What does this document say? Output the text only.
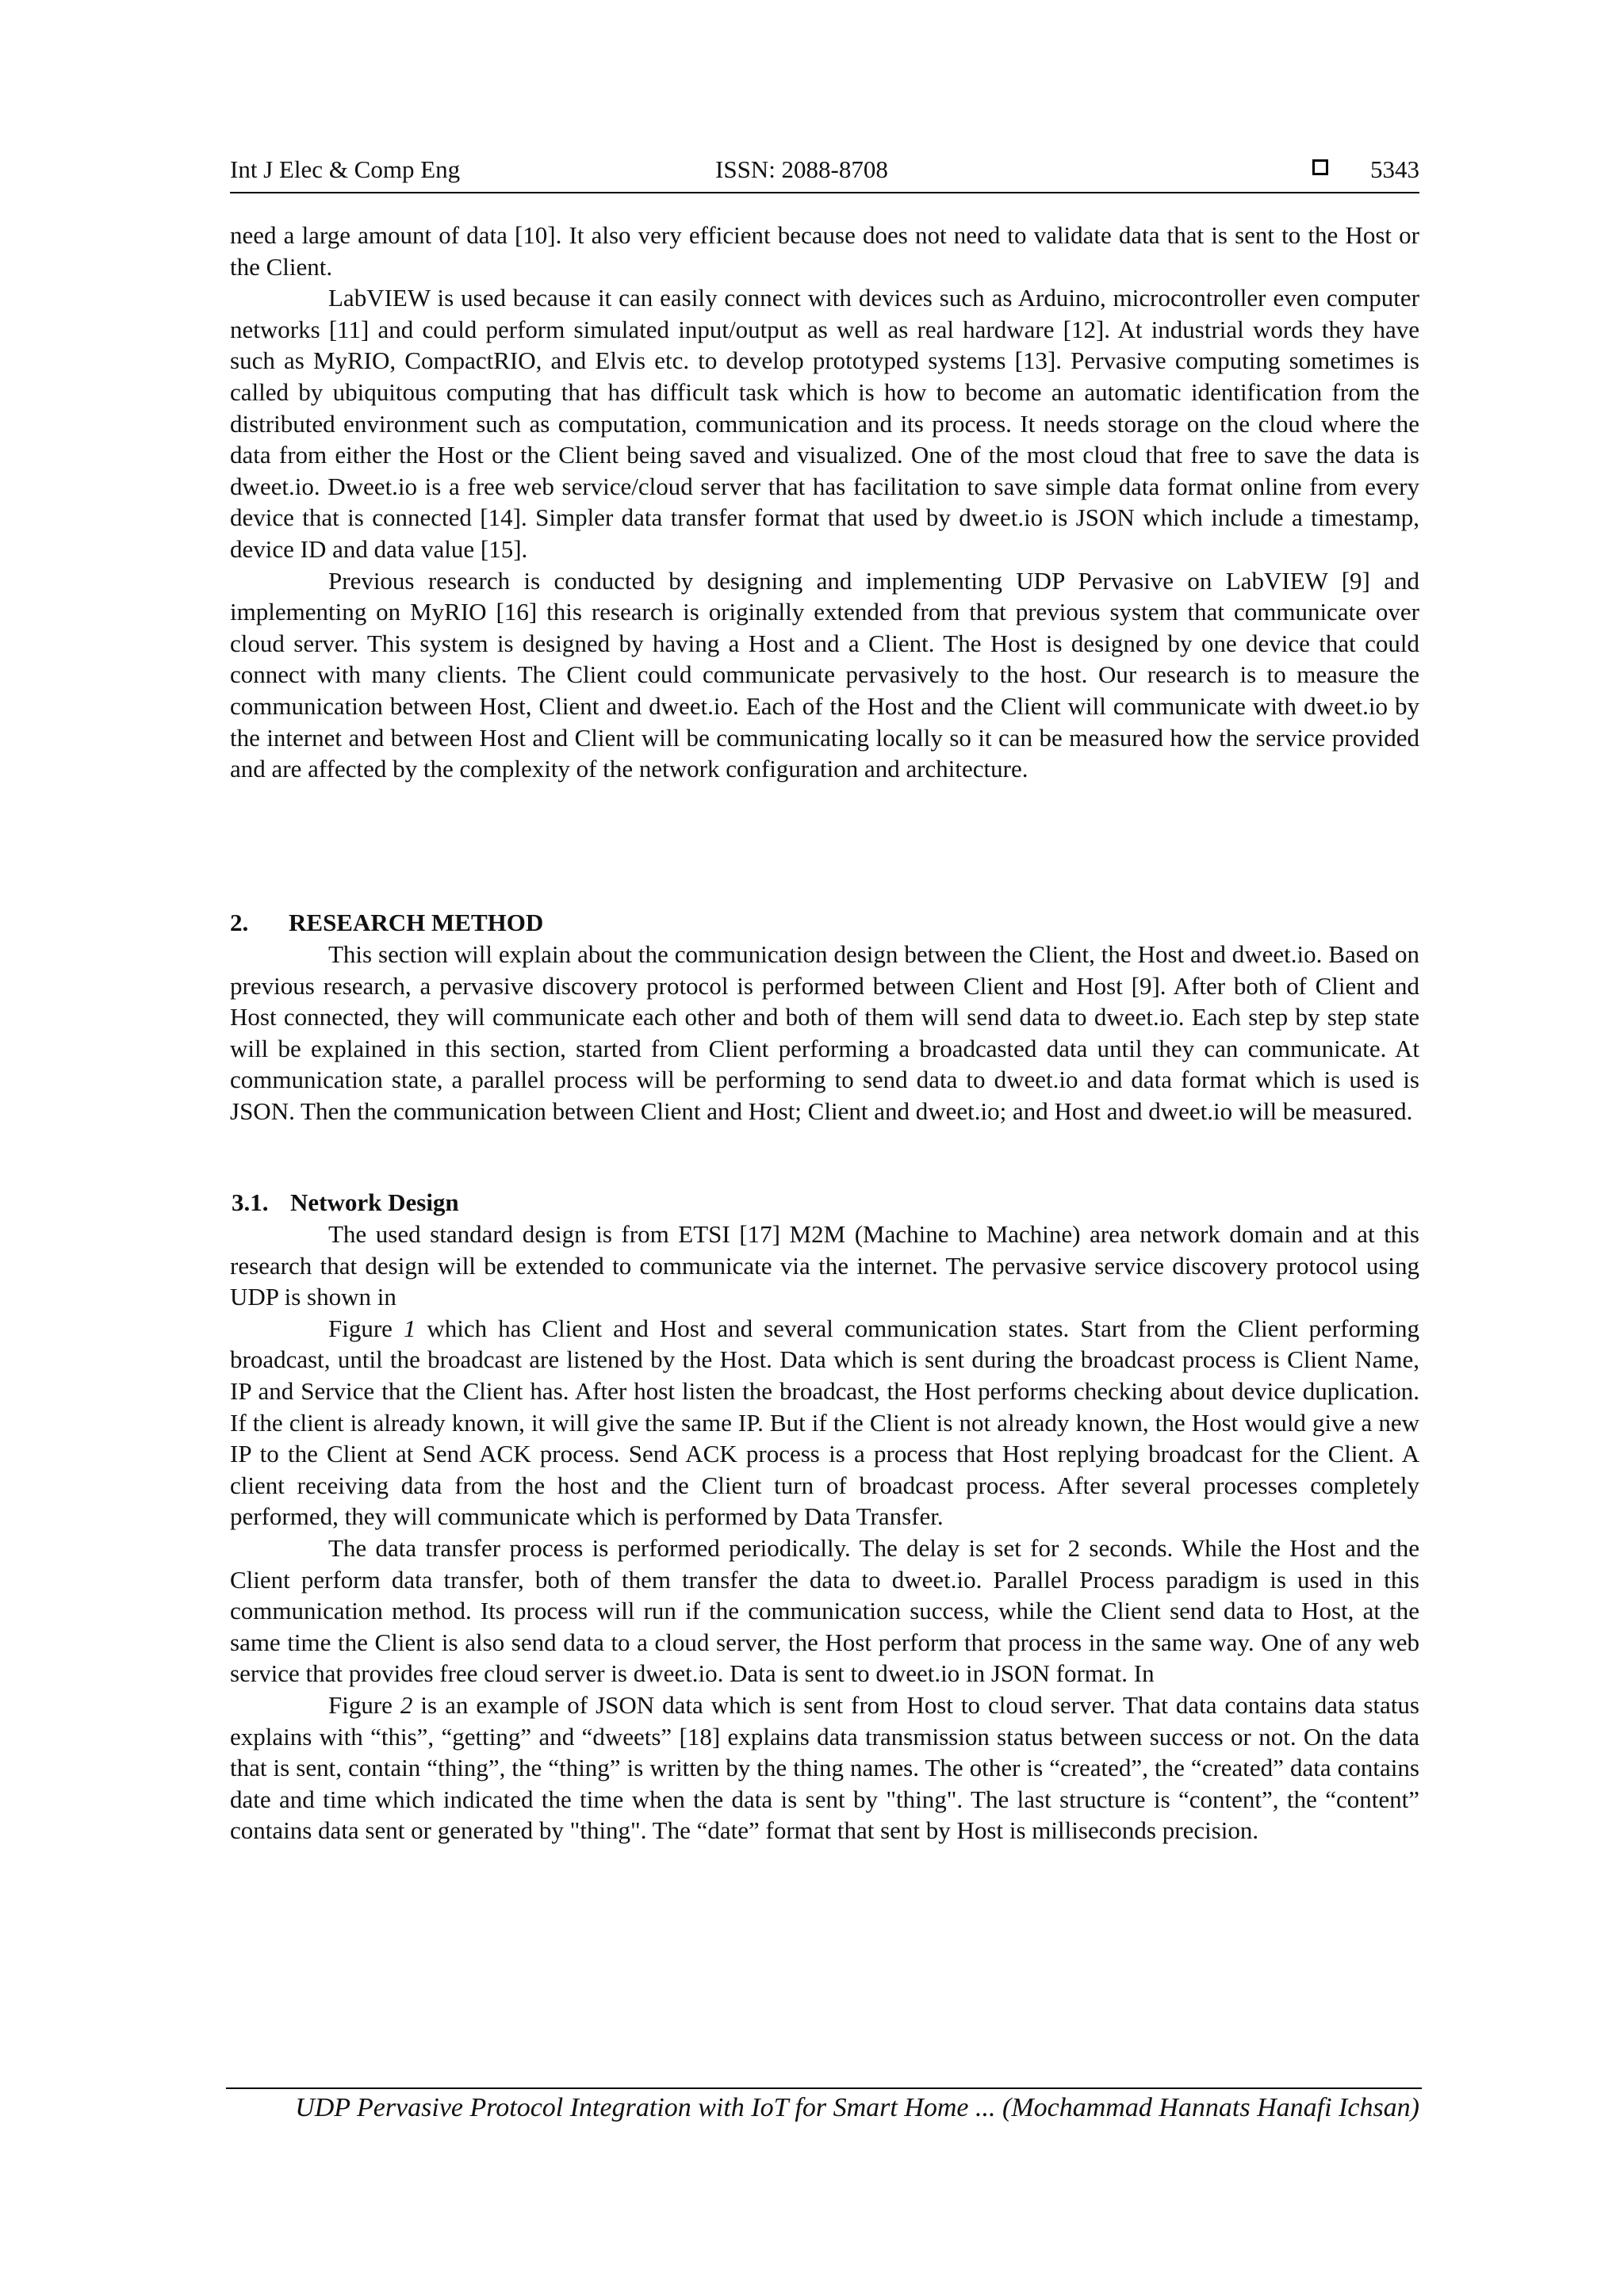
Int J Elec & Comp Eng	ISSN: 2088-8708	5343

need a large amount of data [10]. It also very efficient because does not need to validate data that is sent to the Host or the Client.

LabVIEW is used because it can easily connect with devices such as Arduino, microcontroller even computer networks [11] and could perform simulated input/output as well as real hardware [12]. At industrial words they have such as MyRIO, CompactRIO, and Elvis etc. to develop prototyped systems [13]. Pervasive computing sometimes is called by ubiquitous computing that has difficult task which is how to become an automatic identification from the distributed environment such as computation, communication and its process. It needs storage on the cloud where the data from either the Host or the Client being saved and visualized. One of the most cloud that free to save the data is dweet.io. Dweet.io is a free web service/cloud server that has facilitation to save simple data format online from every device that is connected [14]. Simpler data transfer format that used by dweet.io is JSON which include a timestamp, device ID and data value [15].

Previous research is conducted by designing and implementing UDP Pervasive on LabVIEW [9] and implementing on MyRIO [16] this research is originally extended from that previous system that communicate over cloud server. This system is designed by having a Host and a Client. The Host is designed by one device that could connect with many clients. The Client could communicate pervasively to the host. Our research is to measure the communication between Host, Client and dweet.io. Each of the Host and the Client will communicate with dweet.io by the internet and between Host and Client will be communicating locally so it can be measured how the service provided and are affected by the complexity of the network configuration and architecture.

2. RESEARCH METHOD

This section will explain about the communication design between the Client, the Host and dweet.io. Based on previous research, a pervasive discovery protocol is performed between Client and Host [9]. After both of Client and Host connected, they will communicate each other and both of them will send data to dweet.io. Each step by step state will be explained in this section, started from Client performing a broadcasted data until they can communicate. At communication state, a parallel process will be performing to send data to dweet.io and data format which is used is JSON. Then the communication between Client and Host; Client and dweet.io; and Host and dweet.io will be measured.

3.1. Network Design

The used standard design is from ETSI [17] M2M (Machine to Machine) area network domain and at this research that design will be extended to communicate via the internet. The pervasive service discovery protocol using UDP is shown in

Figure 1 which has Client and Host and several communication states. Start from the Client performing broadcast, until the broadcast are listened by the Host. Data which is sent during the broadcast process is Client Name, IP and Service that the Client has. After host listen the broadcast, the Host performs checking about device duplication. If the client is already known, it will give the same IP. But if the Client is not already known, the Host would give a new IP to the Client at Send ACK process. Send ACK process is a process that Host replying broadcast for the Client. A client receiving data from the host and the Client turn of broadcast process. After several processes completely performed, they will communicate which is performed by Data Transfer.

The data transfer process is performed periodically. The delay is set for 2 seconds. While the Host and the Client perform data transfer, both of them transfer the data to dweet.io. Parallel Process paradigm is used in this communication method. Its process will run if the communication success, while the Client send data to Host, at the same time the Client is also send data to a cloud server, the Host perform that process in the same way. One of any web service that provides free cloud server is dweet.io. Data is sent to dweet.io in JSON format. In

Figure 2 is an example of JSON data which is sent from Host to cloud server. That data contains data status explains with “this”, “getting” and “dweets” [18] explains data transmission status between success or not. On the data that is sent, contain “thing”, the “thing” is written by the thing names. The other is “created”, the “created” data contains date and time which indicated the time when the data is sent by "thing". The last structure is “content”, the “content” contains data sent or generated by "thing". The “date” format that sent by Host is milliseconds precision.

UDP Pervasive Protocol Integration with IoT for Smart Home ... (Mochammad Hannats Hanafi Ichsan)
